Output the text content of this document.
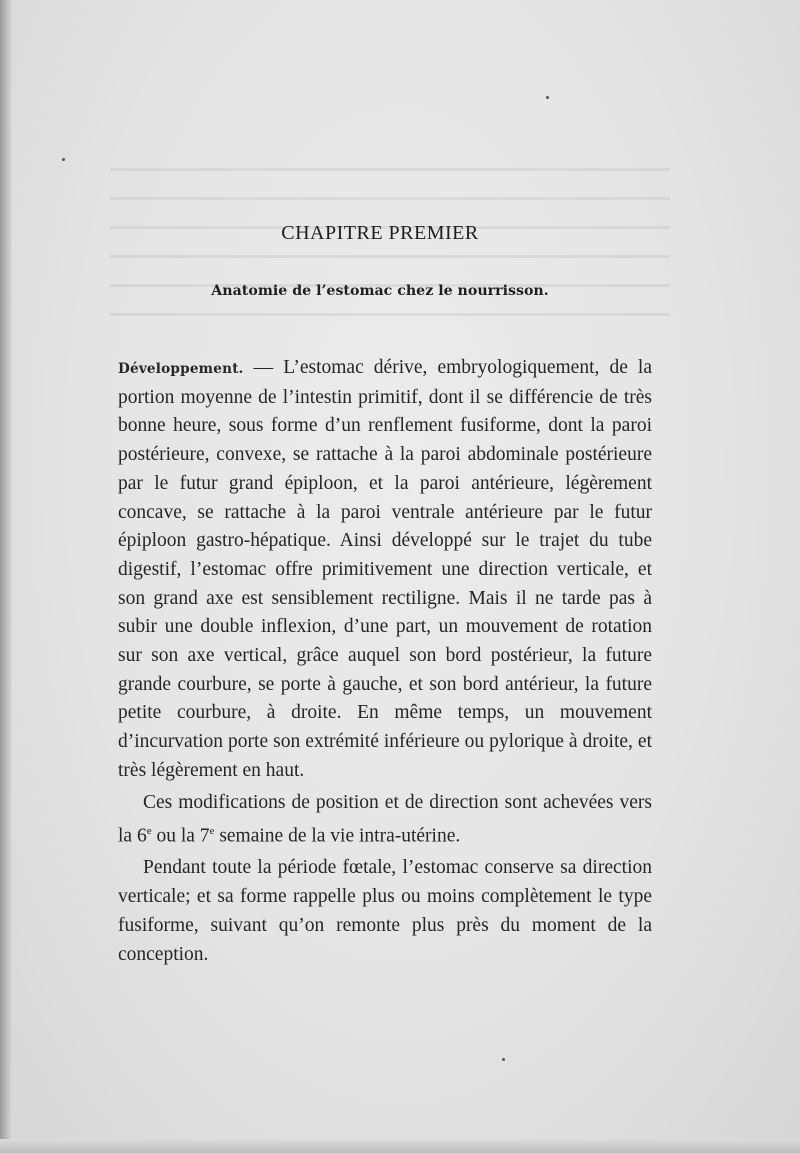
CHAPITRE PREMIER
Anatomie de l’estomac chez le nourrisson.

Développement. — L’estomac dérive, embryologiquement, de la portion moyenne de l’intestin primitif, dont il se différencie de très bonne heure, sous forme d’un renflement fusiforme, dont la paroi postérieure, convexe, se rattache à la paroi abdominale postérieure par le futur grand épiploon, et la paroi antérieure, légèrement concave, se rattache à la paroi ventrale antérieure par le futur épiploon gastro-hépatique. Ainsi développé sur le trajet du tube digestif, l’estomac offre primitivement une direction verticale, et son grand axe est sensiblement rectiligne. Mais il ne tarde pas à subir une double inflexion, d’une part, un mouvement de rotation sur son axe vertical, grâce auquel son bord postérieur, la future grande courbure, se porte à gauche, et son bord antérieur, la future petite courbure, à droite. En même temps, un mouvement d’incurvation porte son extrémité inférieure ou pylorique à droite, et très légèrement en haut.

Ces modifications de position et de direction sont achevées vers la 6e ou la 7e semaine de la vie intra-utérine.

Pendant toute la période fœtale, l’estomac conserve sa direction verticale; et sa forme rappelle plus ou moins complètement le type fusiforme, suivant qu’on remonte plus près du moment de la conception.
